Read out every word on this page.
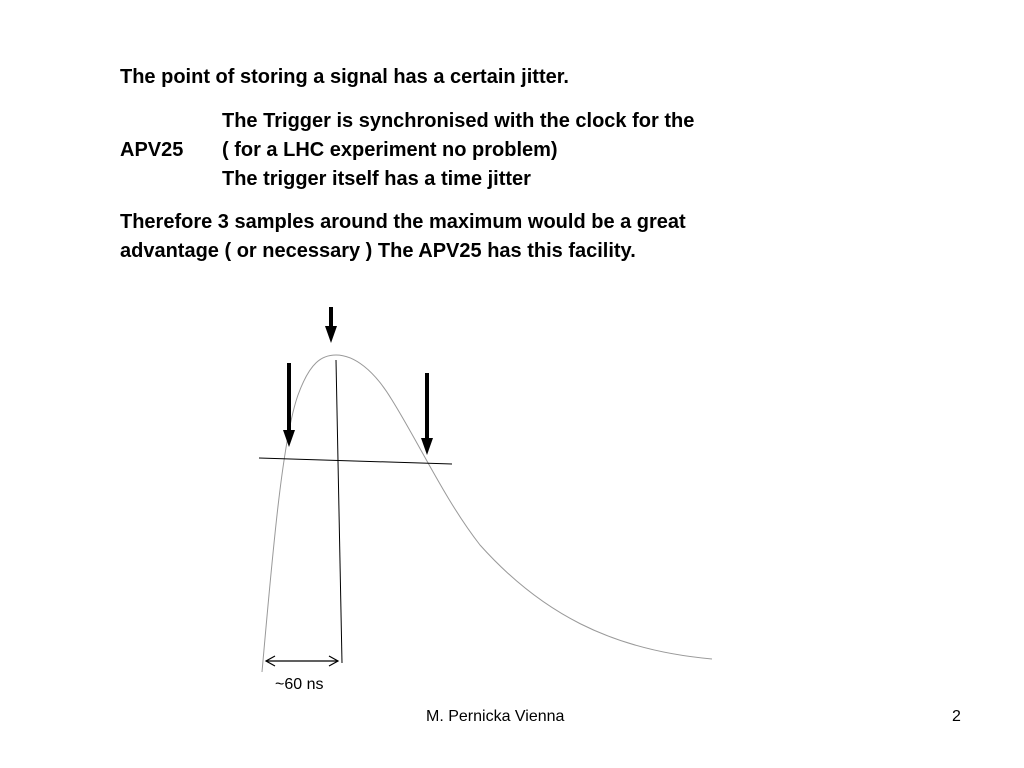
The point of storing a signal has a certain jitter.
The Trigger is synchronised with the clock for the
APV25 ( for a LHC experiment no problem)
The trigger itself has a time jitter
Therefore 3 samples around the maximum would be a great
advantage ( or necessary ) The APV25 has this facility.
~60 ns
M. Pernicka Vienna	2
